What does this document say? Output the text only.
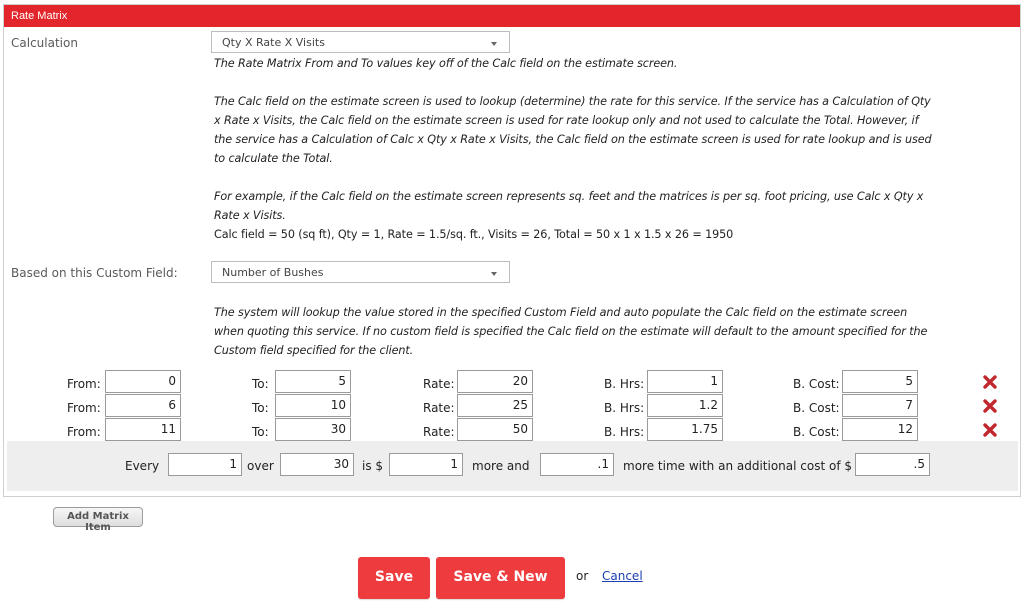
Rate Matrix
Calculation	Qty X Rate X Visits
The Rate Matrix From and To values key off of the Calc field on the estimate screen.
The Calc field on the estimate screen is used to lookup (determine) the rate for this service. If the service has a Calculation of Qty x Rate x Visits, the Calc field on the estimate screen is used for rate lookup only and not used to calculate the Total. However, if the service has a Calculation of Calc x Qty x Rate x Visits, the Calc field on the estimate screen is used for rate lookup and is used to calculate the Total.
For example, if the Calc field on the estimate screen represents sq. feet and the matrices is per sq. foot pricing, use Calc x Qty x Rate x Visits.
Calc field = 50 (sq ft), Qty = 1, Rate = 1.5/sq. ft., Visits = 26, Total = 50 x 1 x 1.5 x 26 = 1950
Based on this Custom Field:	Number of Bushes
The system will lookup the value stored in the specified Custom Field and auto populate the Calc field on the estimate screen when quoting this service. If no custom field is specified the Calc field on the estimate will default to the amount specified for the Custom field specified for the client.
From:	0	To:	5	Rate:	20	B. Hrs:	1	B. Cost:	5
From:	6	To:	10	Rate:	25	B. Hrs:	1.2	B. Cost:	7
From:	11	To:	30	Rate:	50	B. Hrs:	1.75	B. Cost:	12
Every	1 over	30	is $	1	more and	.1	more time with an additional cost of $	.5
Add Matrix Item
Save	Save & New	or Cancel
